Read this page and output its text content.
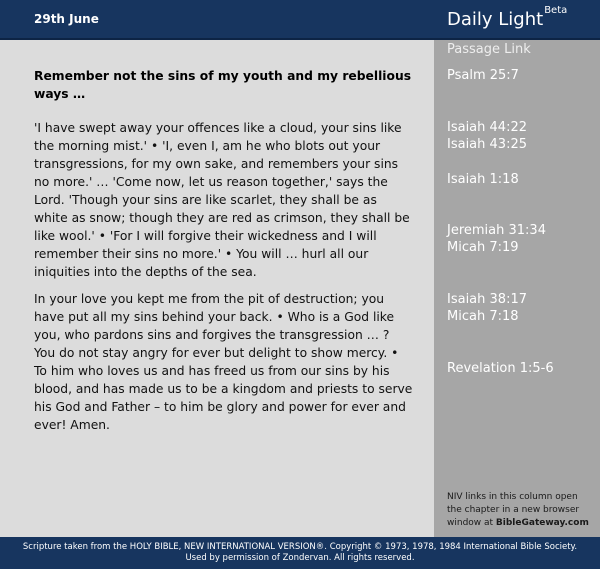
29th June	Daily Light$^{Beta}$
Remember not the sins of my youth and my rebellious ways …
'I have swept away your offences like a cloud, your sins like the morning mist.' • 'I, even I, am he who blots out your transgressions, for my own sake, and remembers your sins no more.' … 'Come now, let us reason together,' says the Lord. 'Though your sins are like scarlet, they shall be as white as snow; though they are red as crimson, they shall be like wool.' • 'For I will forgive their wickedness and I will remember their sins no more.' • You will … hurl all our iniquities into the depths of the sea.
In your love you kept me from the pit of destruction; you have put all my sins behind your back. • Who is a God like you, who pardons sins and forgives the transgression … ? You do not stay angry for ever but delight to show mercy. • To him who loves us and has freed us from our sins by his blood, and has made us to be a kingdom and priests to serve his God and Father – to him be glory and power for ever and ever! Amen.
Passage Link
Psalm 25:7
Isaiah 44:22
Isaiah 43:25
Isaiah 1:18
Jeremiah 31:34
Micah 7:19
Isaiah 38:17
Micah 7:18
Revelation 1:5-6
NIV links in this column open the chapter in a new browser window at BibleGateway.com
Scripture taken from the HOLY BIBLE, NEW INTERNATIONAL VERSION®. Copyright © 1973, 1978, 1984 International Bible Society.
Used by permission of Zondervan. All rights reserved.
